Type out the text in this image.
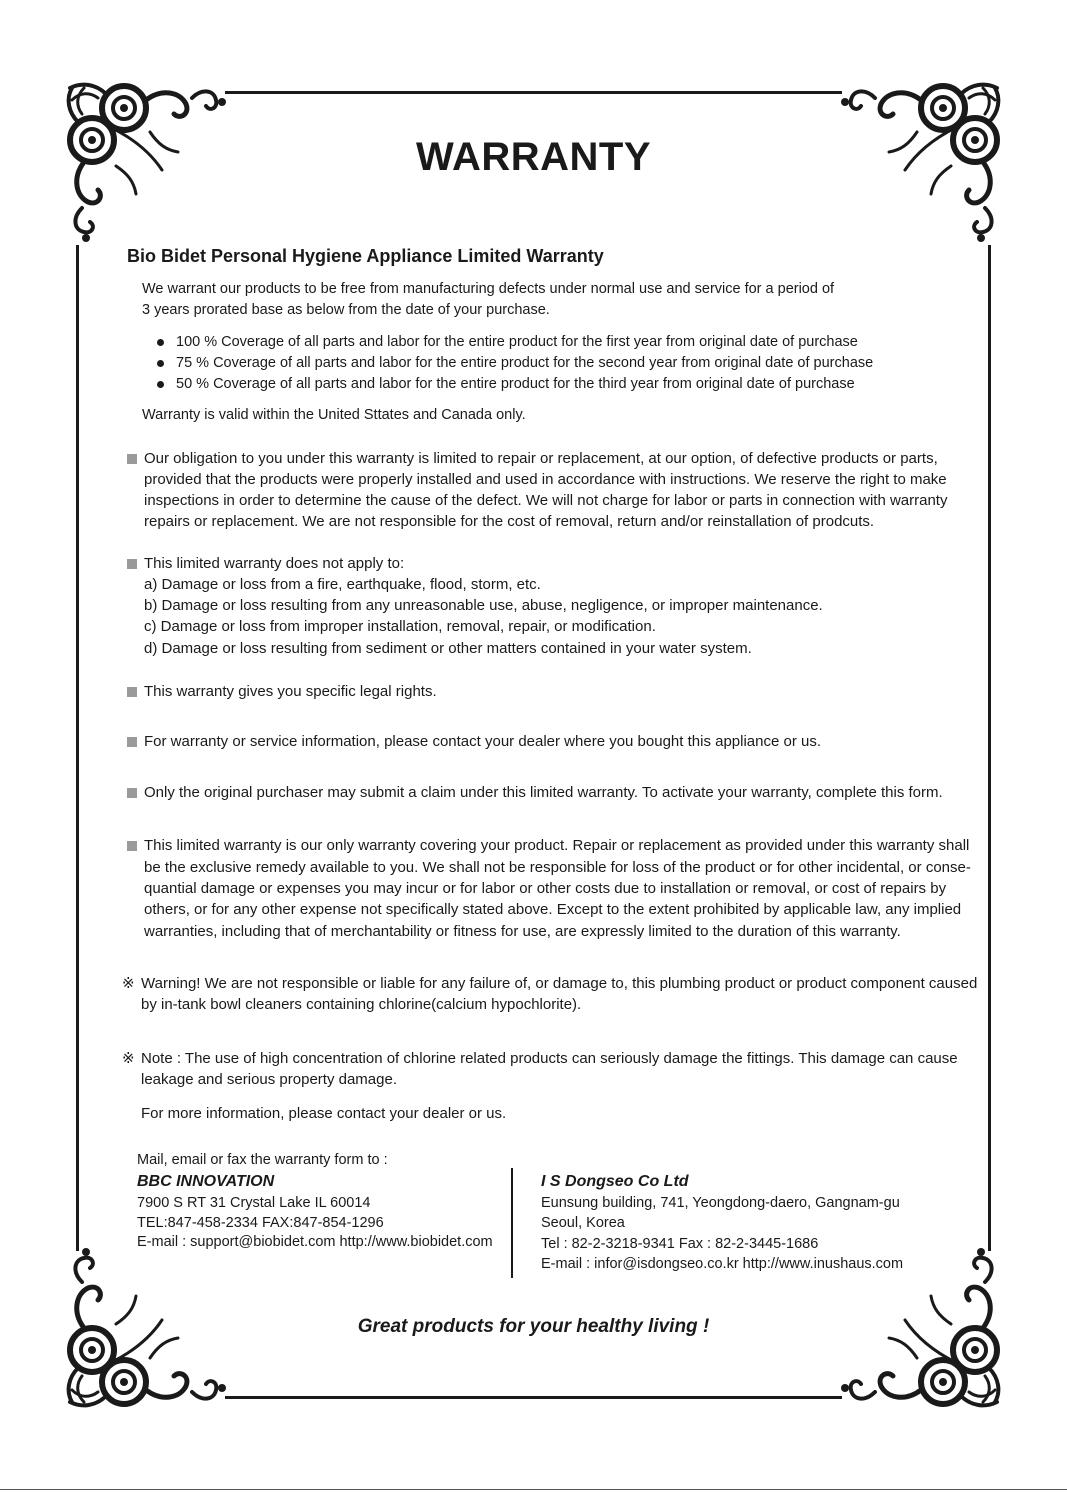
WARRANTY
Bio Bidet Personal Hygiene Appliance Limited Warranty
We warrant our products to be free from manufacturing defects under normal use and service for a period of
3 years prorated base as below from the date of your purchase.
100 % Coverage of all parts and labor for the entire product for the first year from original date of purchase
75 % Coverage of all parts and labor for the entire product for the second year from original date of purchase
50 % Coverage of all parts and labor for the entire product for the third year from original date of purchase
Warranty is valid within the United Sttates and Canada only.
Our obligation to you under this warranty is limited to repair or replacement, at our option, of defective products or parts,
provided that the products were properly installed and used in accordance with instructions. We reserve the right to make
inspections in order to determine the cause of the defect. We will not charge for labor or parts in connection with warranty
repairs or replacement. We are not responsible for the cost of removal, return and/or reinstallation of prodcuts.
This limited warranty does not apply to:
a) Damage or loss from a fire, earthquake, flood, storm, etc.
b) Damage or loss resulting from any unreasonable use, abuse, negligence, or improper maintenance.
c) Damage or loss from improper installation, removal, repair, or modification.
d) Damage or loss resulting from sediment or other matters contained in your water system.
This warranty gives you specific legal rights.
For warranty or service information, please contact your dealer where you bought this appliance or us.
Only the original purchaser may submit a claim under this limited warranty. To activate your warranty, complete this form.
This limited warranty is our only warranty covering your product. Repair or replacement as provided under this warranty shall
be the exclusive remedy available to you. We shall not be responsible for loss of the product or for other incidental, or conse-
quantial damage or expenses you may incur or for labor or other costs due to installation or removal, or cost of repairs by
others, or for any other expense not specifically stated above. Except to the extent prohibited by applicable law, any implied
warranties, including that of merchantability or fitness for use, are expressly limited to the duration of this warranty.
※ Warning! We are not responsible or liable for any failure of, or damage to, this plumbing product or product component caused
by in-tank bowl cleaners containing chlorine(calcium hypochlorite).
※ Note : The use of high concentration of chlorine related products can seriously damage the fittings. This damage can cause
leakage and serious property damage.
For more information, please contact your dealer or us.
Mail, email or fax the warranty form to :
BBC INNOVATION
7900 S RT 31 Crystal Lake IL 60014
TEL:847-458-2334 FAX:847-854-1296
E-mail : support@biobidet.com http://www.biobidet.com
I S Dongseo Co Ltd
Eunsung building, 741, Yeongdong-daero, Gangnam-gu
Seoul, Korea
Tel : 82-2-3218-9341 Fax : 82-2-3445-1686
E-mail : infor@isdongseo.co.kr http://www.inushaus.com
Great products for your healthy living !
